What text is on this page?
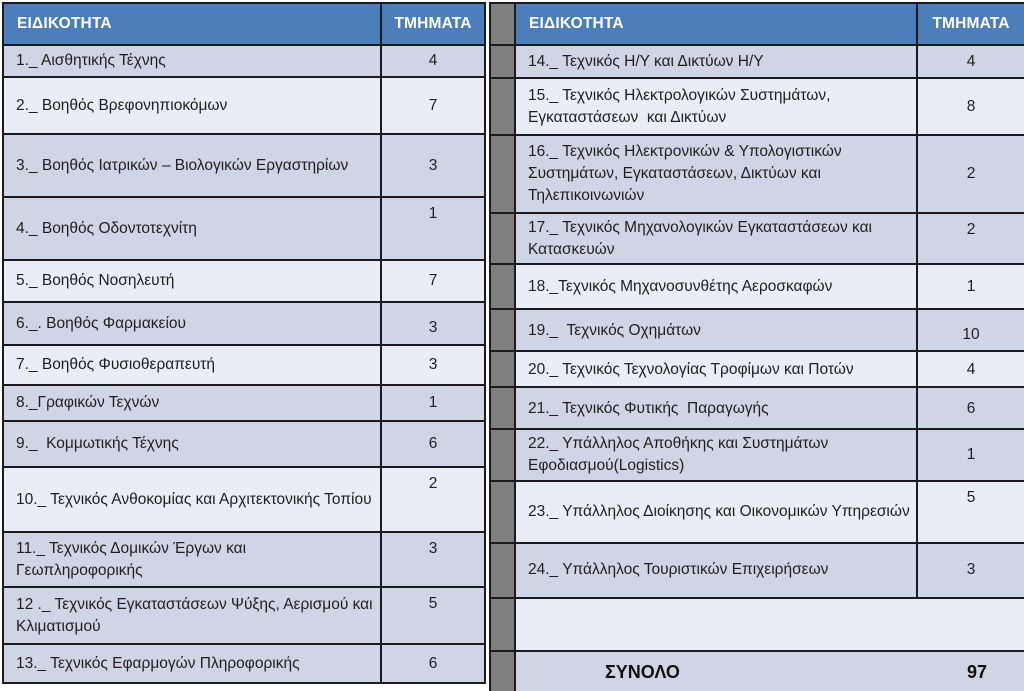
ΕΙΔΙΚΟΤΗΤΑ	ΤΜΗΜΑΤΑ
1._ Αισθητικής Τέχνης	4
2._ Βοηθός Βρεφονηπιοκόμων	7
3._ Βοηθός Ιατρικών – Βιολογικών Εργαστηρίων	3
4._ Βοηθός Οδοντοτεχνίτη	1
5._ Βοηθός Νοσηλευτή	7
6._. Βοηθός Φαρμακείου	3
7._ Βοηθός Φυσιοθεραπευτή	3
8._Γραφικών Τεχνών	1
9._  Κομμωτικής Τέχνης	6
10._ Τεχνικός Ανθοκομίας και Αρχιτεκτονικής Τοπίου	2
11._ Τεχνικός Δομικών Έργων και Γεωπληροφορικής	3
12 ._ Τεχνικός Εγκαταστάσεων Ψύξης, Αερισμού και Κλιματισμού	5
13._ Τεχνικός Εφαρμογών Πληροφορικής	6
	ΕΙΔΙΚΟΤΗΤΑ	ΤΜΗΜΑΤΑ
	14._ Τεχνικός Η/Υ και Δικτύων Η/Υ	4
	15._ Τεχνικός Ηλεκτρολογικών Συστημάτων, Εγκαταστάσεων  και Δικτύων	8
	16._ Τεχνικός Ηλεκτρονικών & Υπολογιστικών Συστημάτων, Εγκαταστάσεων, Δικτύων και Τηλεπικοινωνιών	2
	17._ Τεχνικός Μηχανολογικών Εγκαταστάσεων και Κατασκευών	2
	18._Τεχνικός Μηχανοσυνθέτης Αεροσκαφών	1
	19._  Τεχνικός Οχημάτων	10
	20._ Τεχνικός Τεχνολογίας Τροφίμων και Ποτών	4
	21._ Τεχνικός Φυτικής  Παραγωγής	6
	22._ Υπάλληλος Αποθήκης και Συστημάτων Εφοδιασμού(Logistics)	1
	23._ Υπάλληλος Διοίκησης και Οικονομικών Υπηρεσιών	5
	24._ Υπάλληλος Τουριστικών Επιχειρήσεων	3

	ΣΥΝΟΛΟ 97	
